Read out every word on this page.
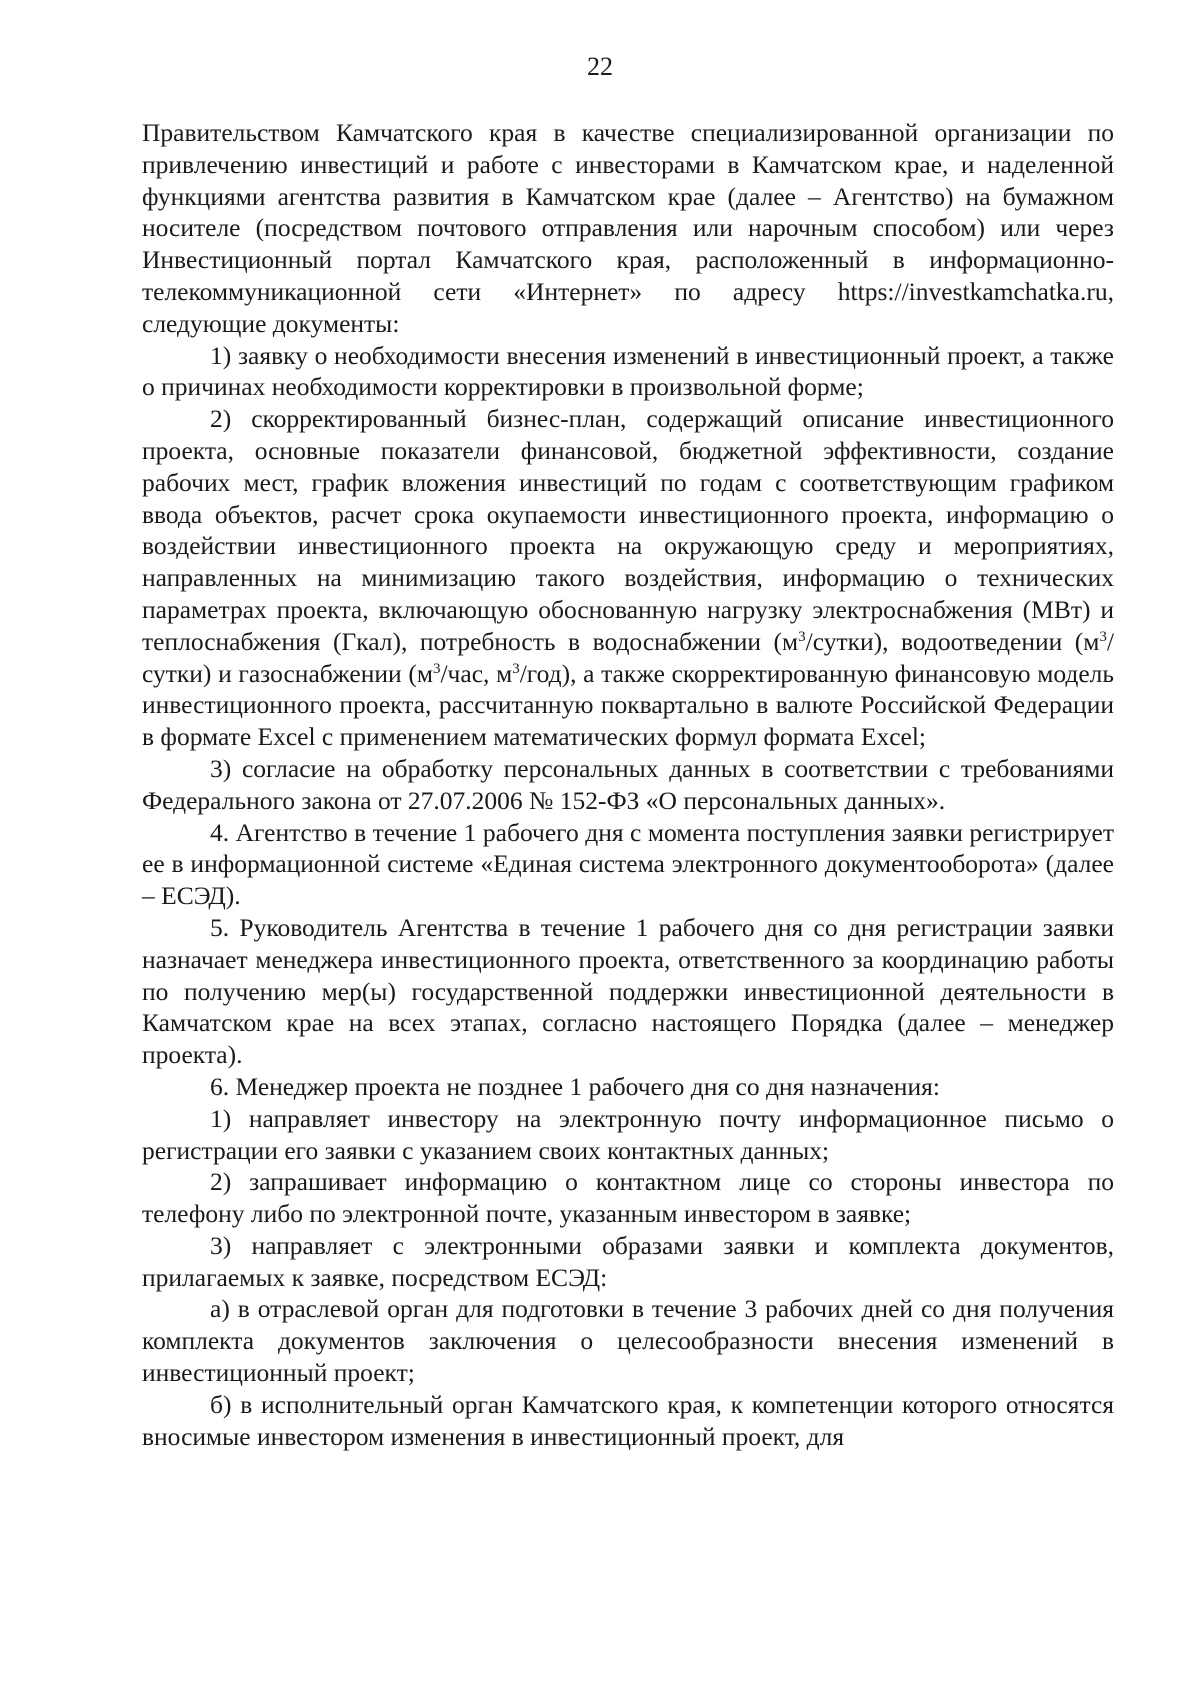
22

Правительством Камчатского края в качестве специализированной организации по привлечению инвестиций и работе с инвесторами в Камчатском крае, и наделенной функциями агентства развития в Камчатском крае (далее – Агентство) на бумажном носителе (посредством почтового отправления или нарочным способом) или через Инвестиционный портал Камчатского края, расположенный в информационно-телекоммуникационной сети «Интернет» по адресу https://investkamchatka.ru, следующие документы:

1) заявку о необходимости внесения изменений в инвестиционный проект, а также о причинах необходимости корректировки в произвольной форме;

2) скорректированный бизнес-план, содержащий описание инвестиционного проекта, основные показатели финансовой, бюджетной эффективности, создание рабочих мест, график вложения инвестиций по годам с соответствующим графиком ввода объектов, расчет срока окупаемости инвестиционного проекта, информацию о воздействии инвестиционного проекта на окружающую среду и мероприятиях, направленных на минимизацию такого воздействия, информацию о технических параметрах проекта, включающую обоснованную нагрузку электроснабжения (МВт) и теплоснабжения (Гкал), потребность в водоснабжении $(м^3/сутки)$, водоотведении $(м^3/сутки)$ и газоснабжении ($м^3$/час, $м^3/год$), а также скорректированную финансовую модель инвестиционного проекта, рассчитанную поквартально в валюте Российской Федерации в формате Excel с применением математических формул формата Excel;

3) согласие на обработку персональных данных в соответствии с требованиями Федерального закона от 27.07.2006 № 152-ФЗ «О персональных данных».

4. Агентство в течение 1 рабочего дня с момента поступления заявки регистрирует ее в информационной системе «Единая система электронного документооборота» (далее – ЕСЭД).

5. Руководитель Агентства в течение 1 рабочего дня со дня регистрации заявки назначает менеджера инвестиционного проекта, ответственного за координацию работы по получению мер(ы) государственной поддержки инвестиционной деятельности в Камчатском крае на всех этапах, согласно настоящего Порядка (далее – менеджер проекта).

6. Менеджер проекта не позднее 1 рабочего дня со дня назначения:

1) направляет инвестору на электронную почту информационное письмо о регистрации его заявки с указанием своих контактных данных;

2) запрашивает информацию о контактном лице со стороны инвестора по телефону либо по электронной почте, указанным инвестором в заявке;

3) направляет с электронными образами заявки и комплекта документов, прилагаемых к заявке, посредством ЕСЭД:

а) в отраслевой орган для подготовки в течение 3 рабочих дней со дня получения комплекта документов заключения о целесообразности внесения изменений в инвестиционный проект;

б) в исполнительный орган Камчатского края, к компетенции которого относятся вносимые инвестором изменения в инвестиционный проект, для
